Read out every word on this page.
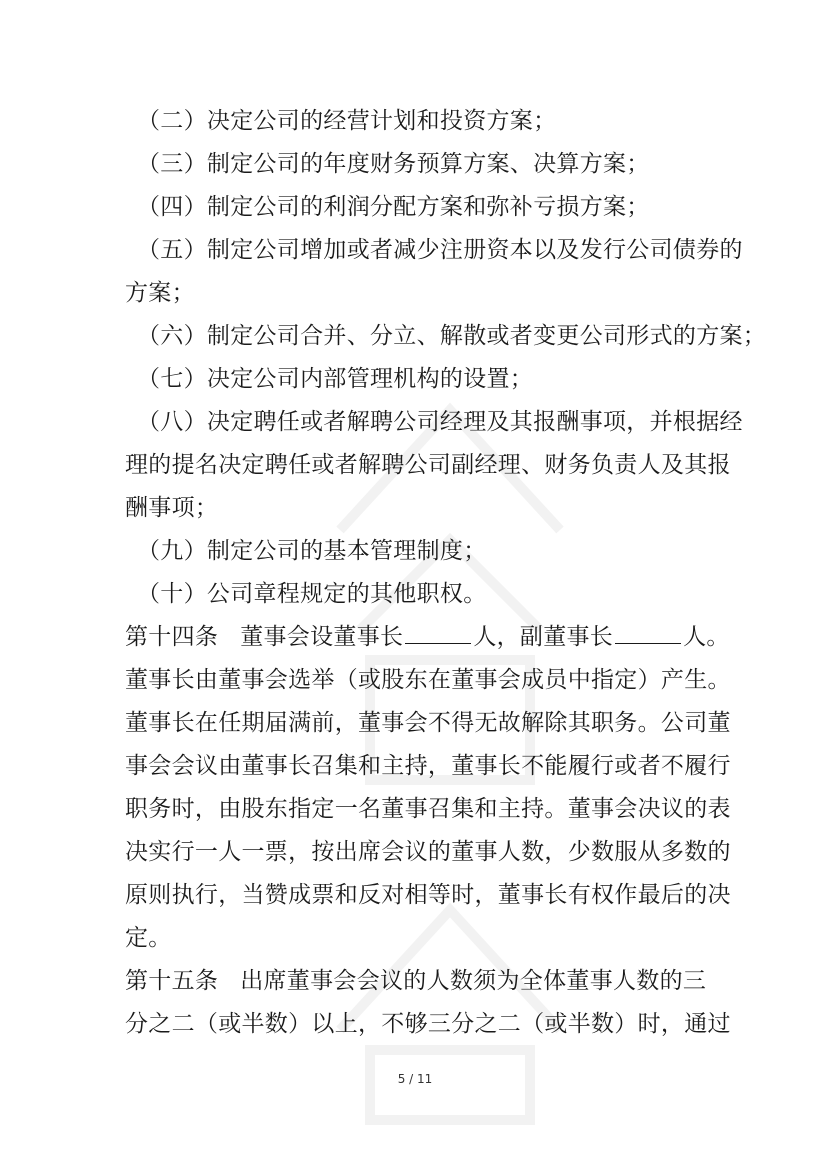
（二）决定公司的经营计划和投资方案；
（三）制定公司的年度财务预算方案、决算方案；
（四）制定公司的利润分配方案和弥补亏损方案；
（五）制定公司增加或者减少注册资本以及发行公司债券的
方案；
（六）制定公司合并、分立、解散或者变更公司形式的方案；
（七）决定公司内部管理机构的设置；
（八）决定聘任或者解聘公司经理及其报酬事项，并根据经
理的提名决定聘任或者解聘公司副经理、财务负责人及其报
酬事项；
（九）制定公司的基本管理制度；
（十）公司章程规定的其他职权。
第十四条 董事会设董事长	人，副董事长	人。
董事长由董事会选举（或股东在董事会成员中指定）产生。
董事长在任期届满前，董事会不得无故解除其职务。公司董
事会会议由董事长召集和主持，董事长不能履行或者不履行
职务时，由股东指定一名董事召集和主持。董事会决议的表
决实行一人一票，按出席会议的董事人数，少数服从多数的
原则执行，当赞成票和反对相等时，董事长有权作最后的决
定。
第十五条 出席董事会会议的人数须为全体董事人数的三
分之二（或半数）以上，不够三分之二（或半数）时，通过
5 / 11
